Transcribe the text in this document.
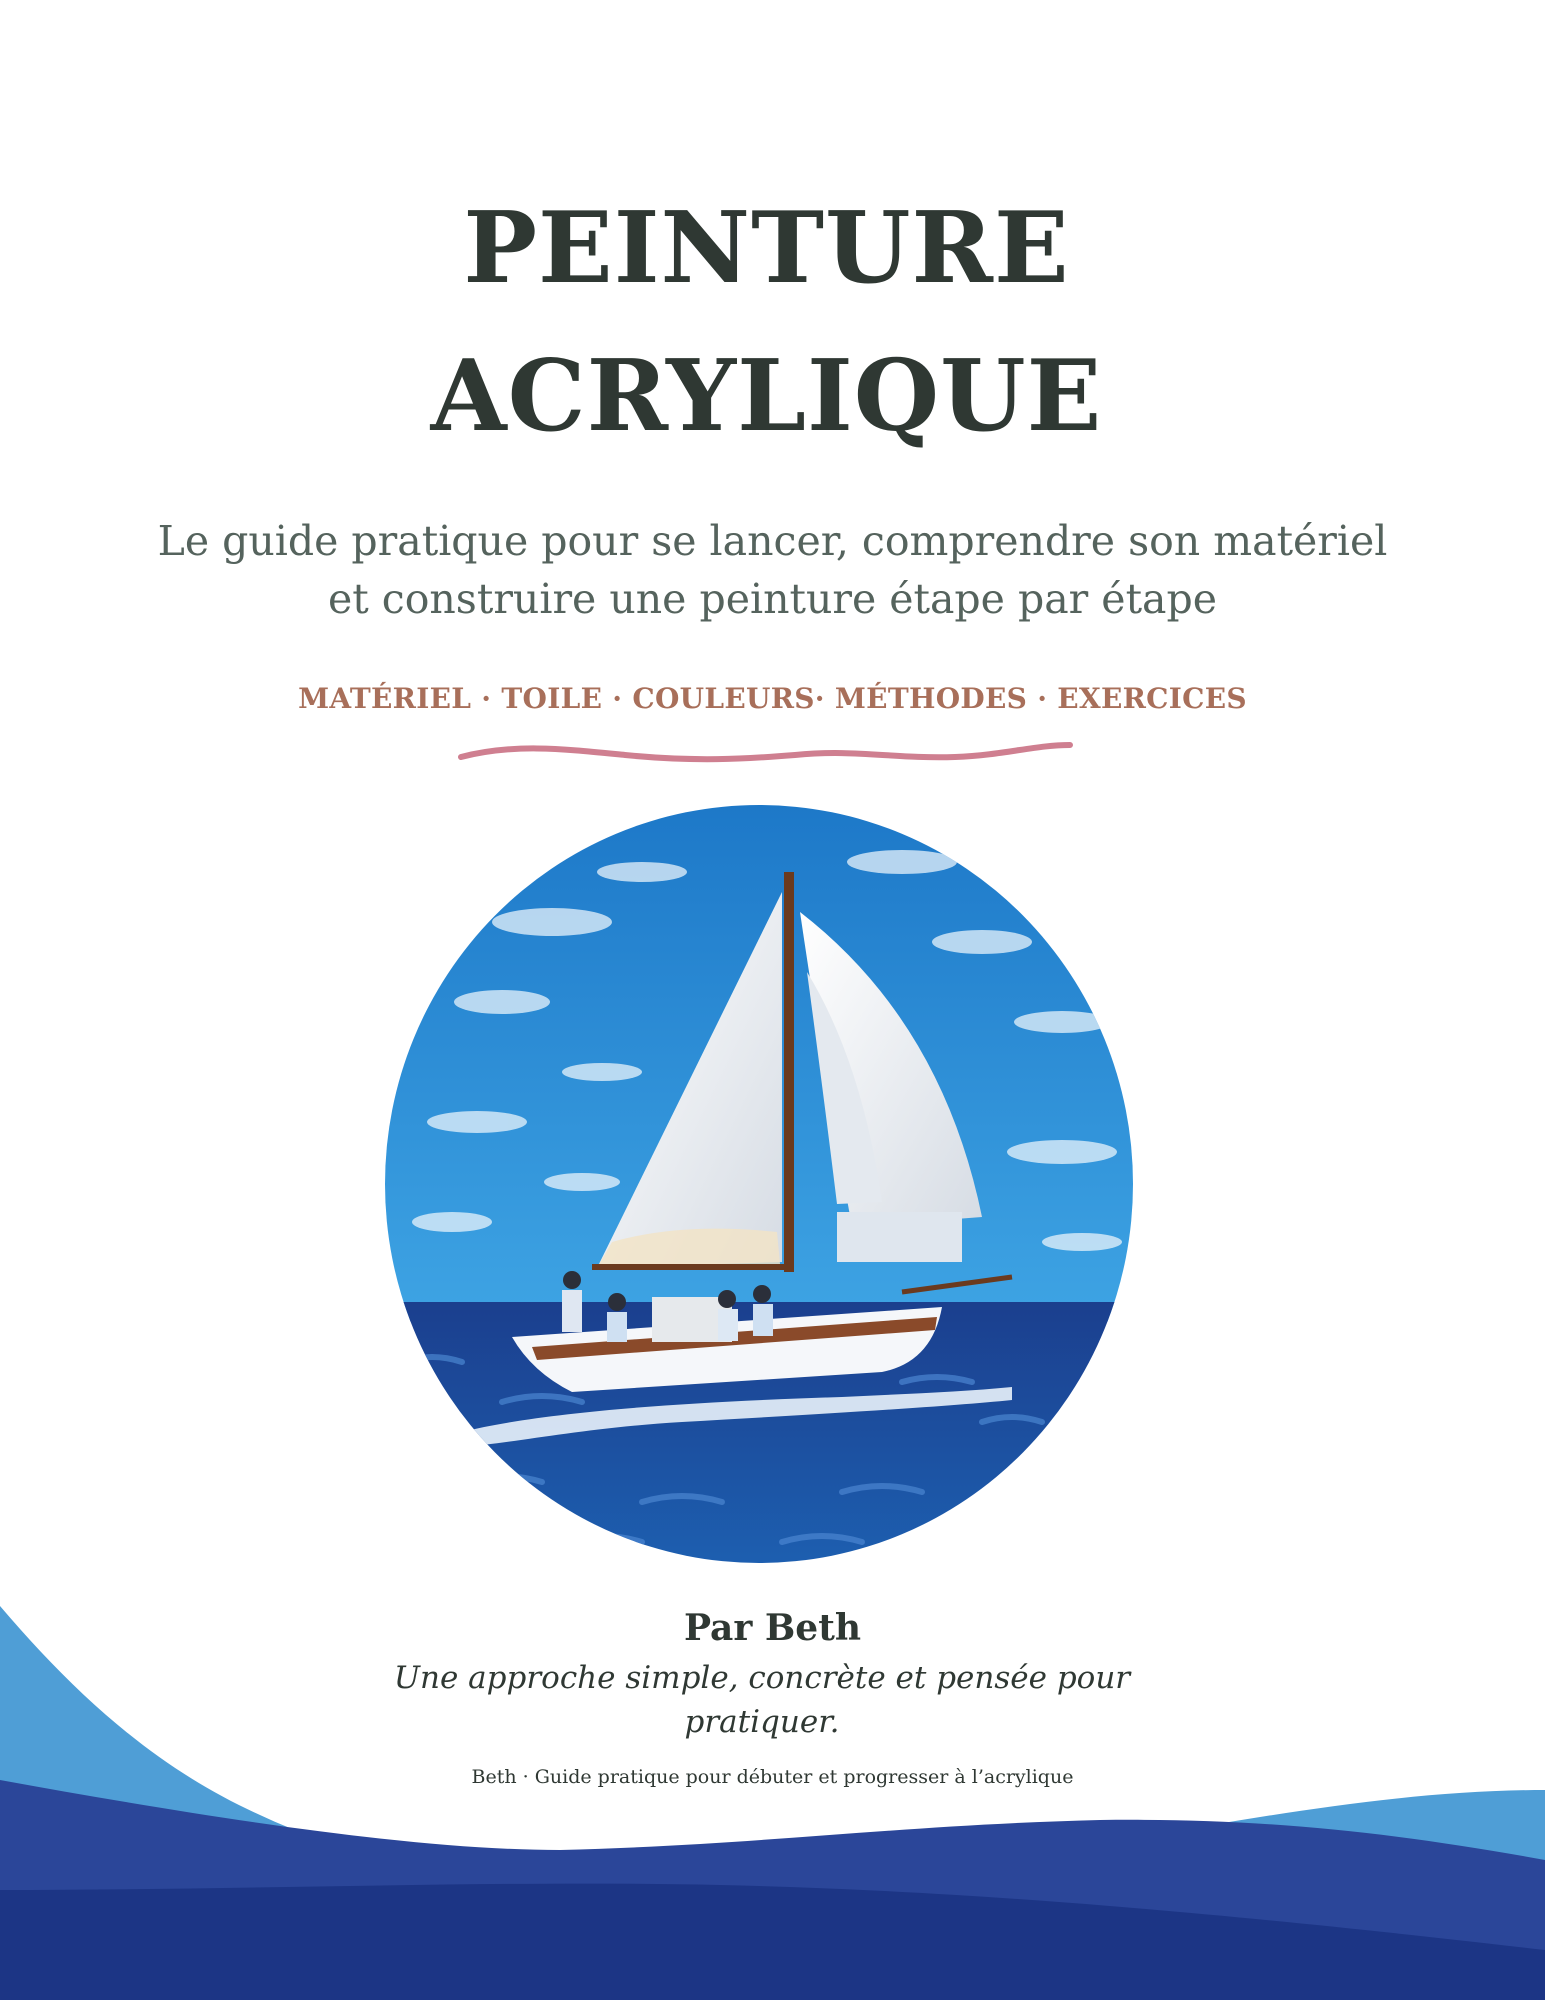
PEINTURE
ACRYLIQUE
Le guide pratique pour se lancer, comprendre son matériel
et construire une peinture étape par étape
MATÉRIEL · TOILE · COULEURS· MÉTHODES · EXERCICES
Par Beth
Une approche simple, concrète et pensée pour pratiquer.
Beth · Guide pratique pour débuter et progresser à l’acrylique
